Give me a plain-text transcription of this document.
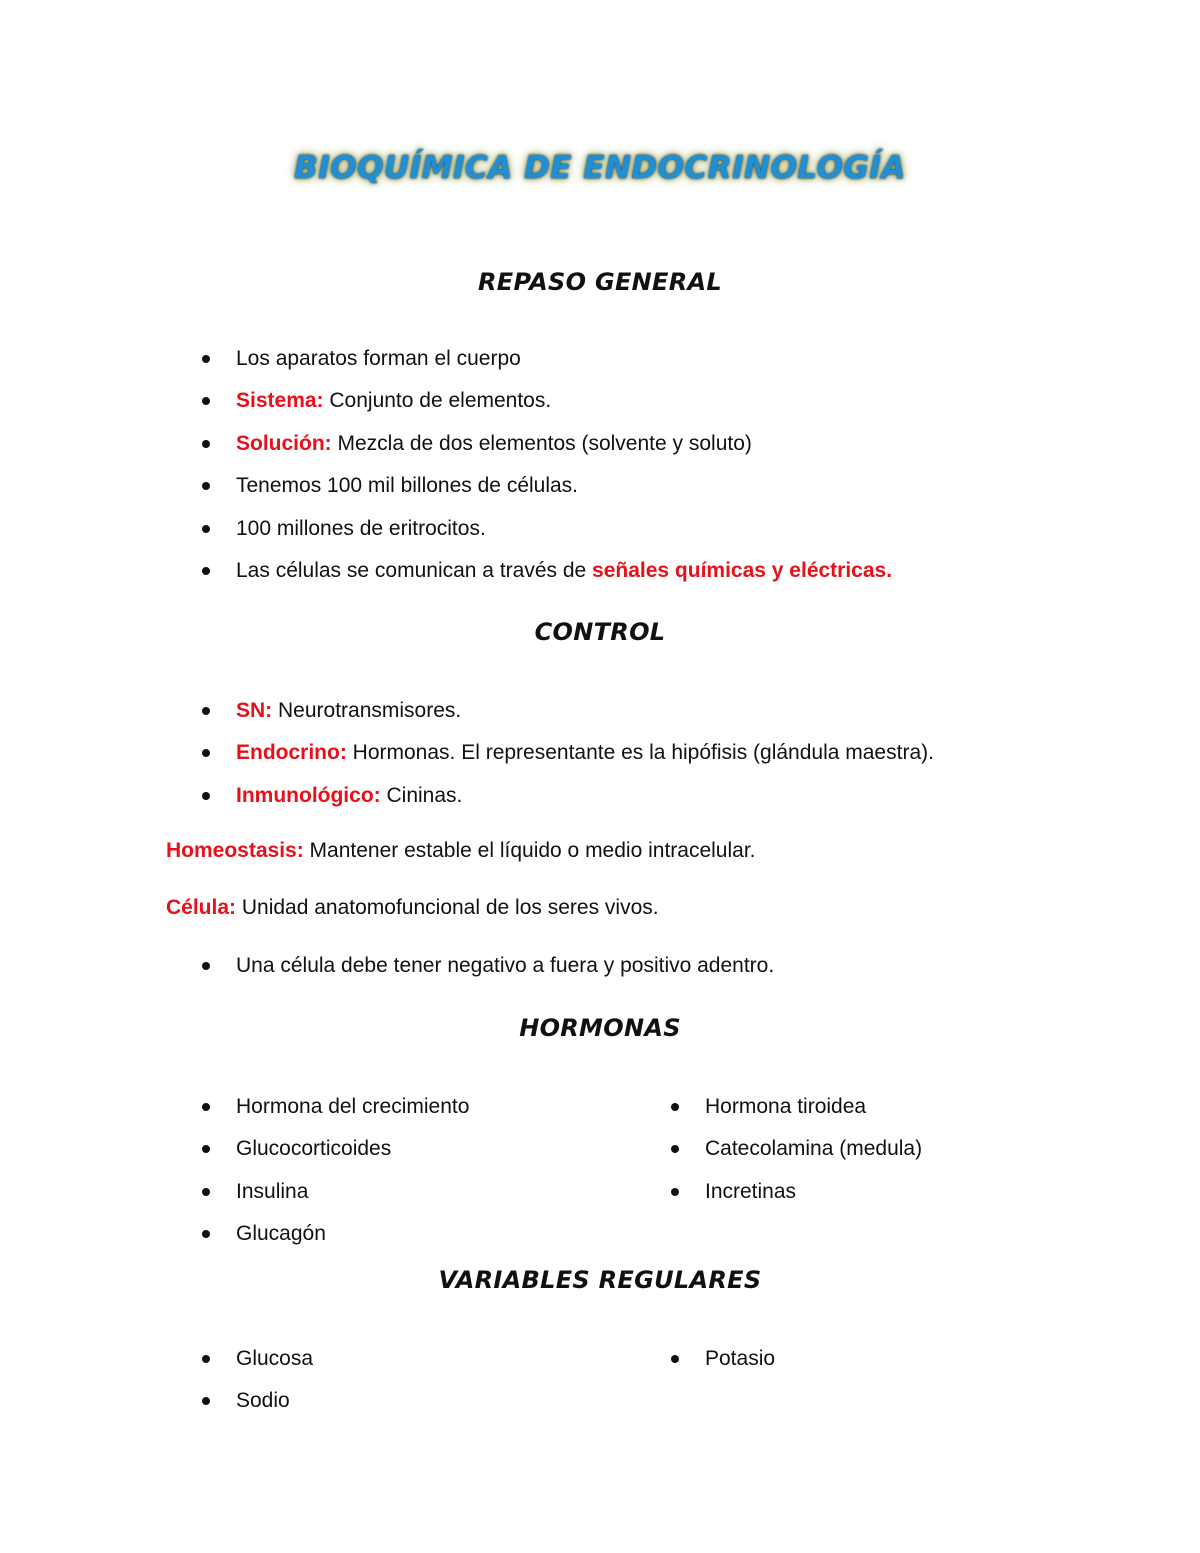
BIOQUÍMICA DE ENDOCRINOLOGÍA
REPASO GENERAL
Los aparatos forman el cuerpo
Sistema: Conjunto de elementos.
Solución: Mezcla de dos elementos (solvente y soluto)
Tenemos 100 mil billones de células.
100 millones de eritrocitos.
Las células se comunican a través de señales químicas y eléctricas.
CONTROL
SN: Neurotransmisores.
Endocrino: Hormonas. El representante es la hipófisis (glándula maestra).
Inmunológico: Cininas.
Homeostasis: Mantener estable el líquido o medio intracelular.
Célula: Unidad anatomofuncional de los seres vivos.
Una célula debe tener negativo a fuera y positivo adentro.
HORMONAS
Hormona del crecimiento
Glucocorticoides
Insulina
Glucagón
Hormona tiroidea
Catecolamina (medula)
Incretinas
VARIABLES REGULARES
Glucosa
Sodio
Potasio
